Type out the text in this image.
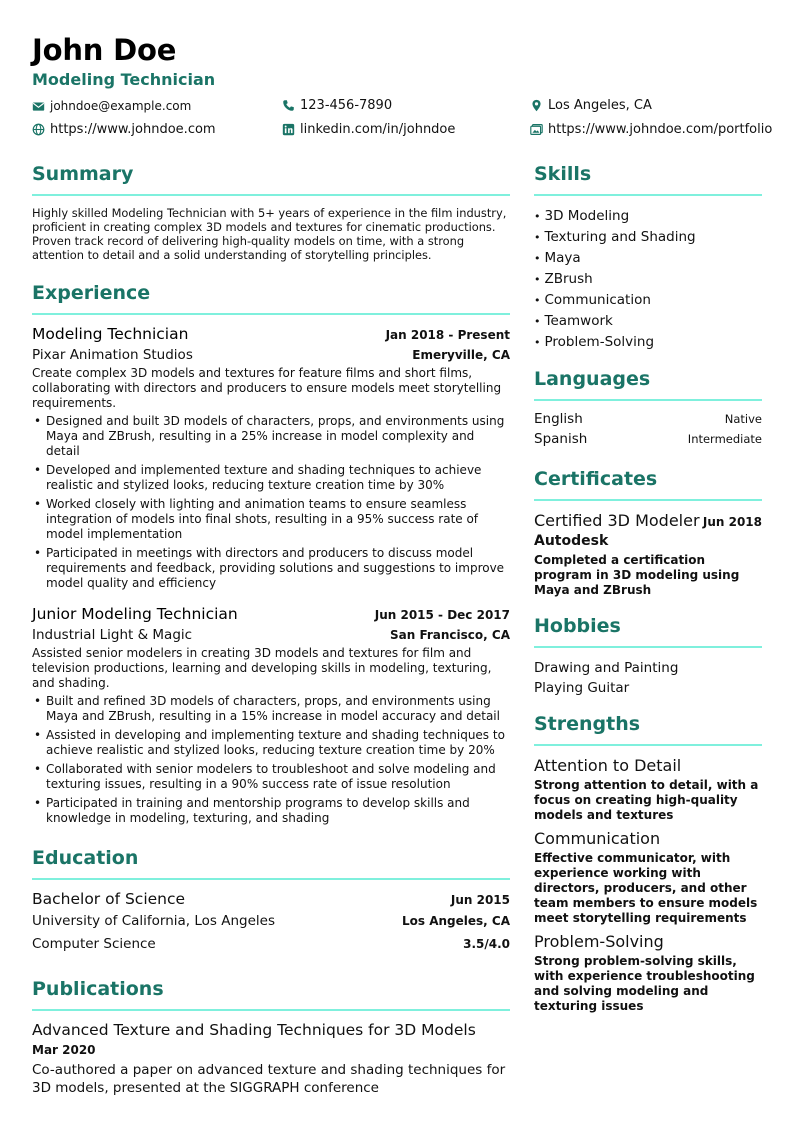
John Doe
Modeling Technician
johndoe@example.com	123-456-7890	Los Angeles, CA
https://www.johndoe.com	linkedin.com/in/johndoe	https://www.johndoe.com/portfolio
Summary

Highly skilled Modeling Technician with 5+ years of experience in the film industry, proficient in creating complex 3D models and textures for cinematic productions. Proven track record of delivering high-quality models on time, with a strong attention to detail and a solid understanding of storytelling principles.

Experience
Modeling Technician	Jan 2018 - Present
Pixar Animation Studios	Emeryville, CA

Create complex 3D models and textures for feature films and short films, collaborating with directors and producers to ensure models meet storytelling requirements.

• Designed and built 3D models of characters, props, and environments using Maya and ZBrush, resulting in a 25% increase in model complexity and detail
• Developed and implemented texture and shading techniques to achieve realistic and stylized looks, reducing texture creation time by 30%
• Worked closely with lighting and animation teams to ensure seamless integration of models into final shots, resulting in a 95% success rate of model implementation
• Participated in meetings with directors and producers to discuss model requirements and feedback, providing solutions and suggestions to improve model quality and efficiency
Junior Modeling Technician	Jun 2015 - Dec 2017
Industrial Light & Magic	San Francisco, CA

Assisted senior modelers in creating 3D models and textures for film and television productions, learning and developing skills in modeling, texturing, and shading.

• Built and refined 3D models of characters, props, and environments using Maya and ZBrush, resulting in a 15% increase in model accuracy and detail
• Assisted in developing and implementing texture and shading techniques to achieve realistic and stylized looks, reducing texture creation time by 20%
• Collaborated with senior modelers to troubleshoot and solve modeling and texturing issues, resulting in a 90% success rate of issue resolution
• Participated in training and mentorship programs to develop skills and knowledge in modeling, texturing, and shading
Education
Bachelor of Science	Jun 2015
University of California, Los Angeles	Los Angeles, CA
Computer Science	3.5/4.0
Publications
Advanced Texture and Shading Techniques for 3D Models
Mar 2020

Co-authored a paper on advanced texture and shading techniques for 3D models, presented at the SIGGRAPH conference

Skills
• 3D Modeling
• Texturing and Shading
• Maya
• ZBrush
• Communication
• Teamwork
• Problem-Solving
Languages
English	Native
Spanish	Intermediate
Certificates
Certified 3D Modeler Jun 2018
Autodesk

Completed a certification program in 3D modeling using Maya and ZBrush

Hobbies
Drawing and Painting
Playing Guitar
Strengths
Attention to Detail

Strong attention to detail, with a focus on creating high-quality models and textures

Communication

Effective communicator, with experience working with directors, producers, and other team members to ensure models meet storytelling requirements

Problem-Solving

Strong problem-solving skills, with experience troubleshooting and solving modeling and texturing issues
